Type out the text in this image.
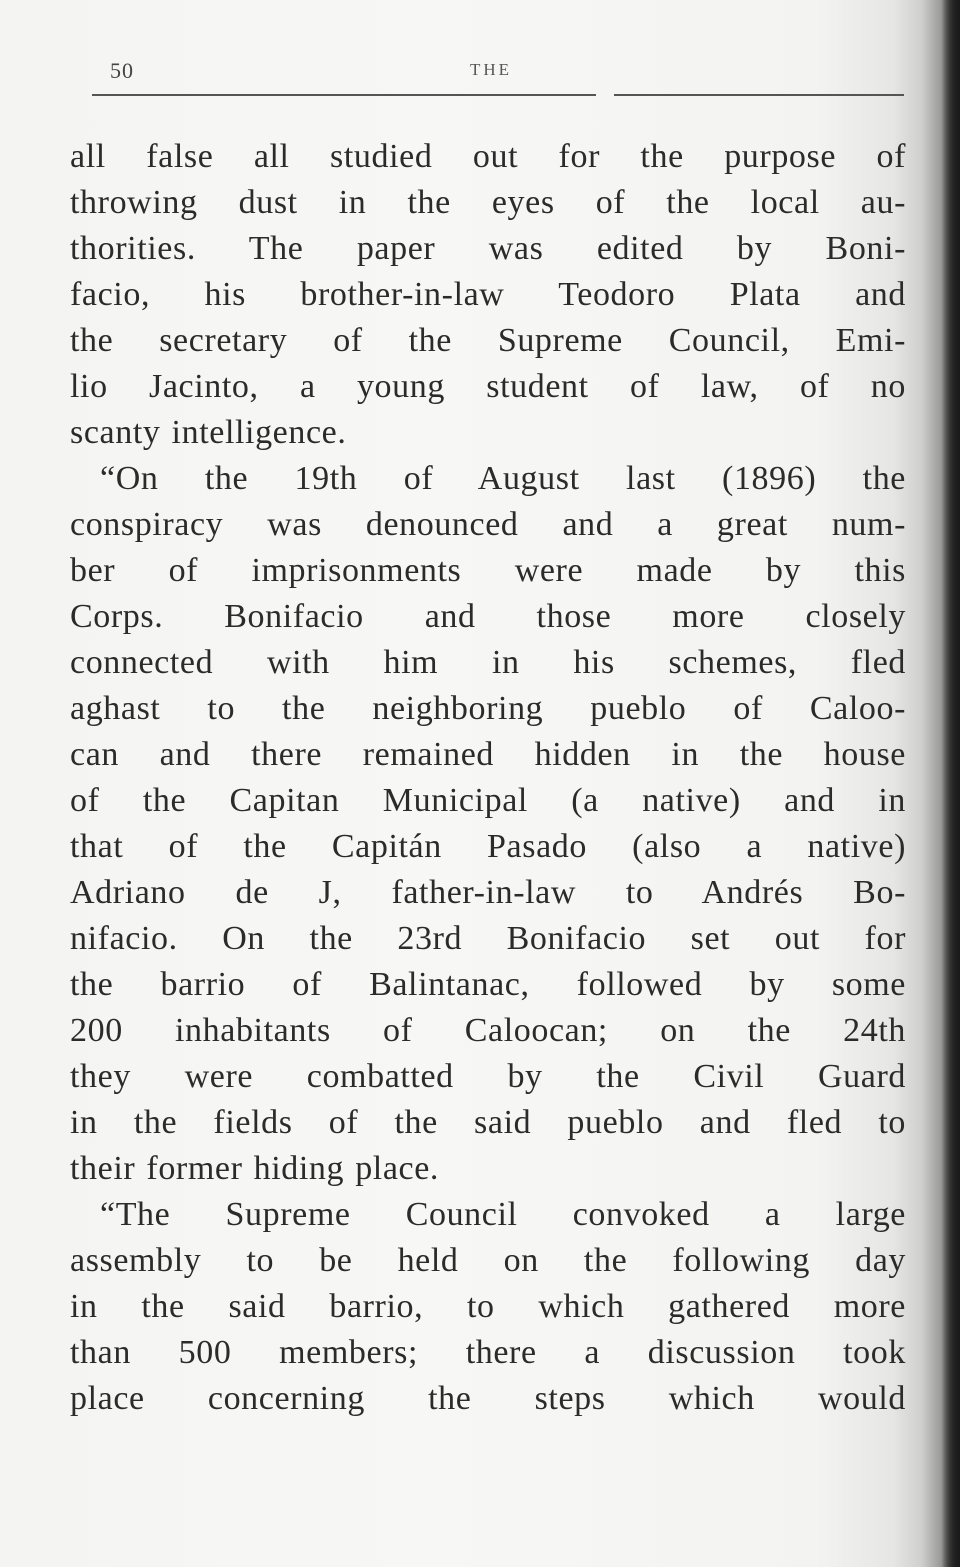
50	THE

all false all studied out for the purpose of
throwing dust in the eyes of the local au-
thorities. The paper was edited by Boni-
facio, his brother-in-law Teodoro Plata and
the secretary of the Supreme Council, Emi-
lio Jacinto, a young student of law, of no
scanty intelligence.

“On the 19th of August last (1896) the
conspiracy was denounced and a great num-
ber of imprisonments were made by this
Corps. Bonifacio and those more closely
connected with him in his schemes, fled
aghast to the neighboring pueblo of Caloo-
can and there remained hidden in the house
of the Capitan Municipal (a native) and in
that of the Capitán Pasado (also a native)
Adriano de J, father-in-law to Andrés Bo-
nifacio. On the 23rd Bonifacio set out for
the barrio of Balintanac, followed by some
200 inhabitants of Caloocan; on the 24th
they were combatted by the Civil Guard
in the fields of the said pueblo and fled to
their former hiding place.

“The Supreme Council convoked a large
assembly to be held on the following day
in the said barrio, to which gathered more
than 500 members; there a discussion took
place concerning the steps which would
